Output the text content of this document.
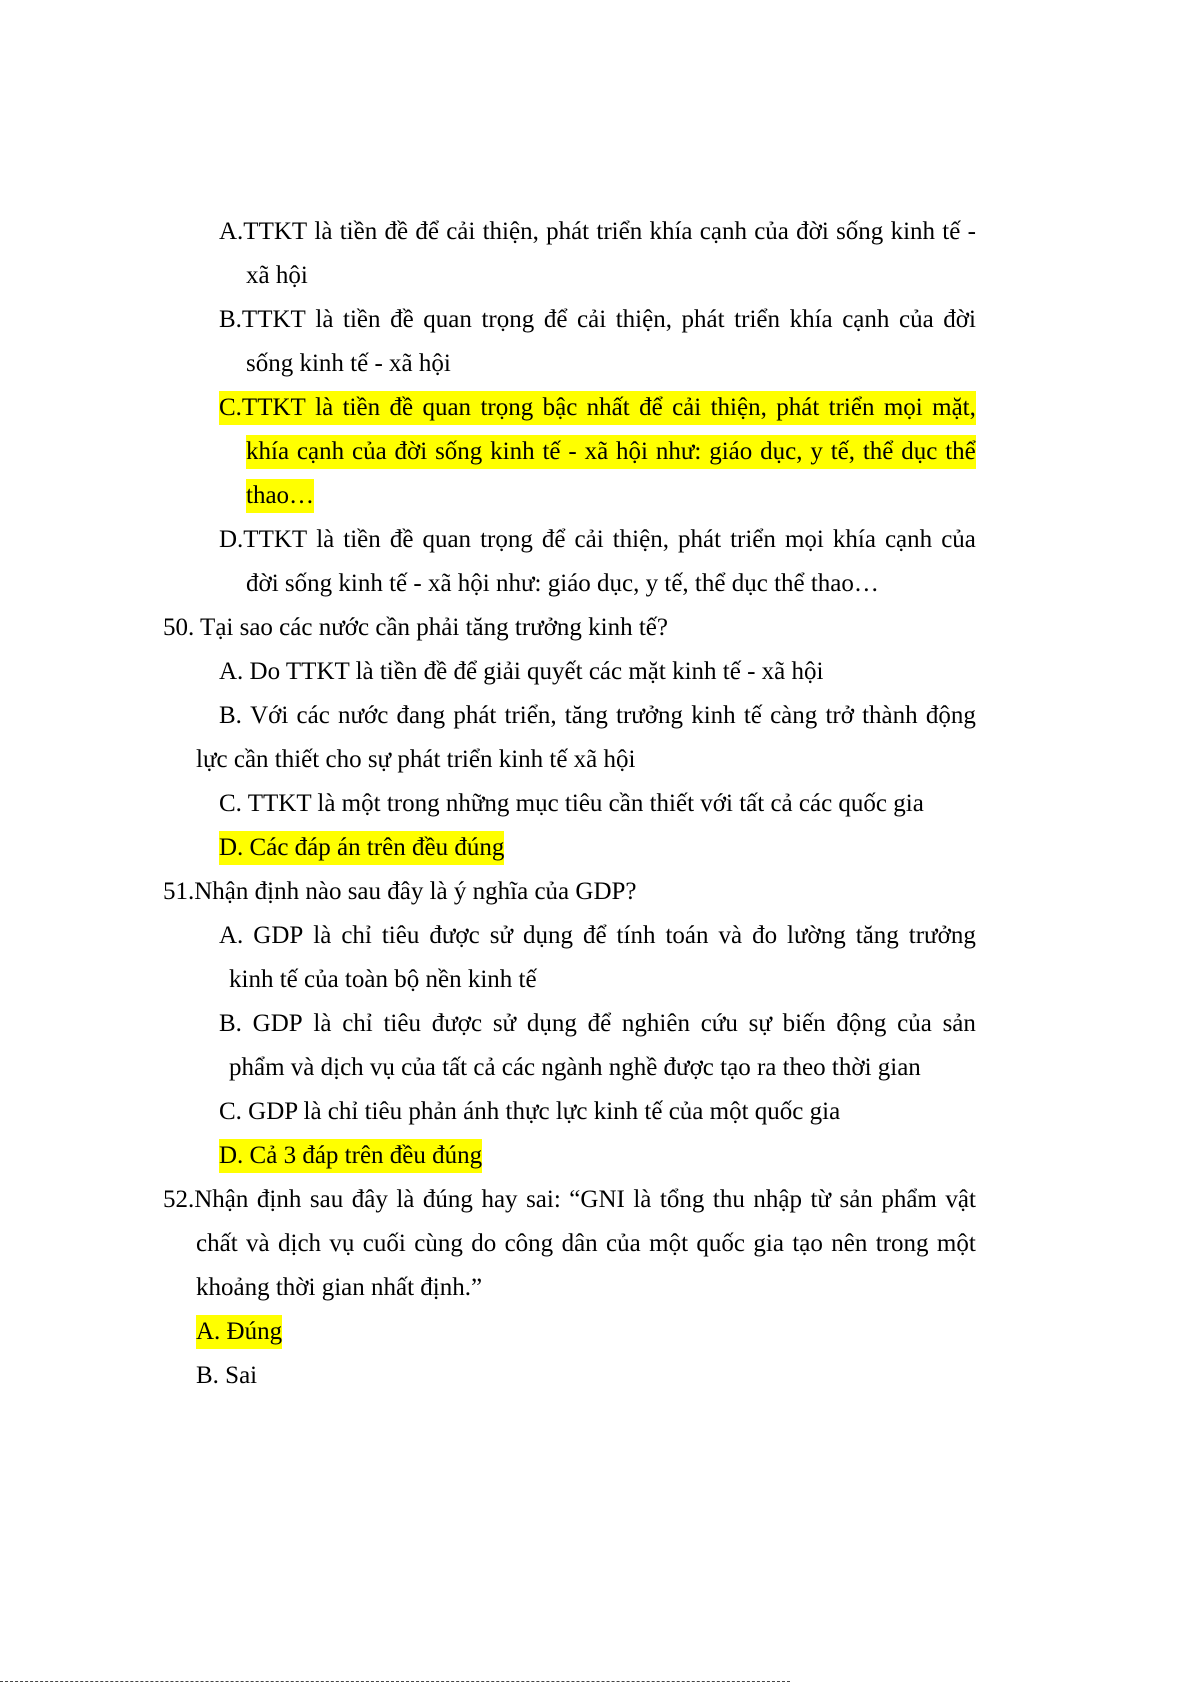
A.TTKT là tiền đề để cải thiện, phát triển khía cạnh của đời sống kinh tế -
xã hội
B.TTKT là tiền đề quan trọng để cải thiện, phát triển khía cạnh của đời
sống kinh tế - xã hội
C.TTKT là tiền đề quan trọng bậc nhất để cải thiện, phát triển mọi mặt,
khía cạnh của đời sống kinh tế - xã hội như: giáo dục, y tế, thể dục thể
thao…
D.TTKT là tiền đề quan trọng để cải thiện, phát triển mọi khía cạnh của
đời sống kinh tế - xã hội như: giáo dục, y tế, thể dục thể thao…
50. Tại sao các nước cần phải tăng trưởng kinh tế?
A. Do TTKT là tiền đề để giải quyết các mặt kinh tế - xã hội
B. Với các nước đang phát triển, tăng trưởng kinh tế càng trở thành động
lực cần thiết cho sự phát triển kinh tế xã hội
C. TTKT là một trong những mục tiêu cần thiết với tất cả các quốc gia
D. Các đáp án trên đều đúng
51.Nhận định nào sau đây là ý nghĩa của GDP?
A. GDP là chỉ tiêu được sử dụng để tính toán và đo lường tăng trưởng
kinh tế của toàn bộ nền kinh tế
B. GDP là chỉ tiêu được sử dụng để nghiên cứu sự biến động của sản
phẩm và dịch vụ của tất cả các ngành nghề được tạo ra theo thời gian
C. GDP là chỉ tiêu phản ánh thực lực kinh tế của một quốc gia
D. Cả 3 đáp trên đều đúng
52.Nhận định sau đây là đúng hay sai: “GNI là tổng thu nhập từ sản phẩm vật
chất và dịch vụ cuối cùng do công dân của một quốc gia tạo nên trong một
khoảng thời gian nhất định.”
A. Đúng
B. Sai
